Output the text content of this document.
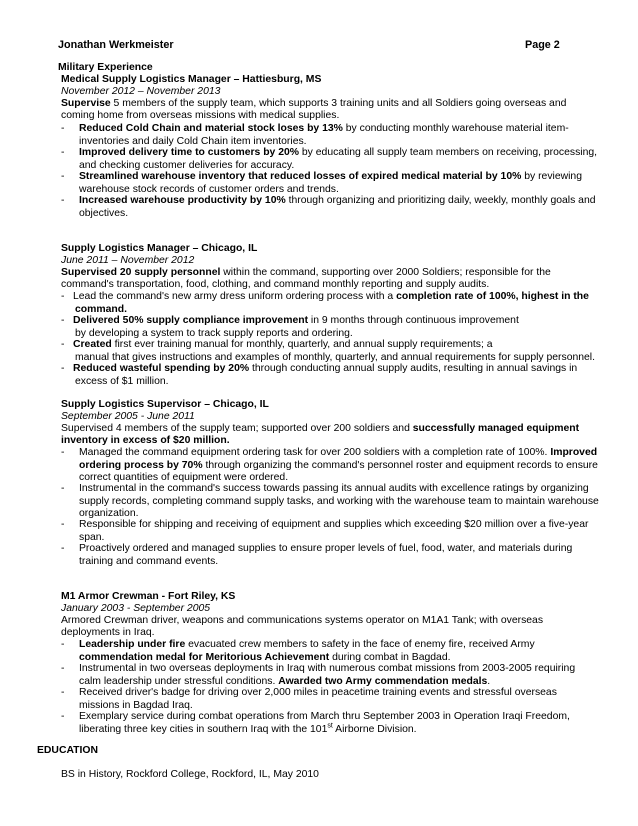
Jonathan Werkmeister	Page 2
Military Experience
Medical Supply Logistics Manager – Hattiesburg, MS
November 2012 – November 2013
Supervise 5 members of the supply team, which supports 3 training units and all Soldiers going overseas and
coming home from overseas missions with medical supplies.
- Reduced Cold Chain and material stock loses by 13% by conducting monthly warehouse material item-
inventories and daily Cold Chain item inventories.
- Improved delivery time to customers by 20% by educating all supply team members on receiving, processing,
and checking customer deliveries for accuracy.
- Streamlined warehouse inventory that reduced losses of expired medical material by 10% by reviewing
warehouse stock records of customer orders and trends.
- Increased warehouse productivity by 10% through organizing and prioritizing daily, weekly, monthly goals and
objectives.
Supply Logistics Manager – Chicago, IL
June 2011 – November 2012
Supervised 20 supply personnel within the command, supporting over 2000 Soldiers; responsible for the
command's transportation, food, clothing, and command monthly reporting and supply audits.
- Lead the command's new army dress uniform ordering process with a completion rate of 100%, highest in the
command.
- Delivered 50% supply compliance improvement in 9 months through continuous improvement
by developing a system to track supply reports and ordering.
- Created first ever training manual for monthly, quarterly, and annual supply requirements; a
manual that gives instructions and examples of monthly, quarterly, and annual requirements for supply personnel.
- Reduced wasteful spending by 20% through conducting annual supply audits, resulting in annual savings in
excess of $1 million.
Supply Logistics Supervisor – Chicago, IL
September 2005 - June 2011
Supervised 4 members of the supply team; supported over 200 soldiers and successfully managed equipment
inventory in excess of $20 million.
- Managed the command equipment ordering task for over 200 soldiers with a completion rate of 100%. Improved
ordering process by 70% through organizing the command's personnel roster and equipment records to ensure
correct quantities of equipment were ordered.
- Instrumental in the command's success towards passing its annual audits with excellence ratings by organizing
supply records, completing command supply tasks, and working with the warehouse team to maintain warehouse
organization.
- Responsible for shipping and receiving of equipment and supplies which exceeding $20 million over a five-year
span.
- Proactively ordered and managed supplies to ensure proper levels of fuel, food, water, and materials during
training and command events.
M1 Armor Crewman - Fort Riley, KS
January 2003 - September 2005
Armored Crewman driver, weapons and communications systems operator on M1A1 Tank; with overseas
deployments in Iraq.
- Leadership under fire evacuated crew members to safety in the face of enemy fire, received Army
commendation medal for Meritorious Achievement during combat in Bagdad.
- Instrumental in two overseas deployments in Iraq with numerous combat missions from 2003-2005 requiring
calm leadership under stressful conditions. Awarded two Army commendation medals.
- Received driver's badge for driving over 2,000 miles in peacetime training events and stressful overseas
missions in Bagdad Iraq.
- Exemplary service during combat operations from March thru September 2003 in Operation Iraqi Freedom,
liberating three key cities in southern Iraq with the 101st Airborne Division.
EDUCATION
BS in History, Rockford College, Rockford, IL, May 2010
